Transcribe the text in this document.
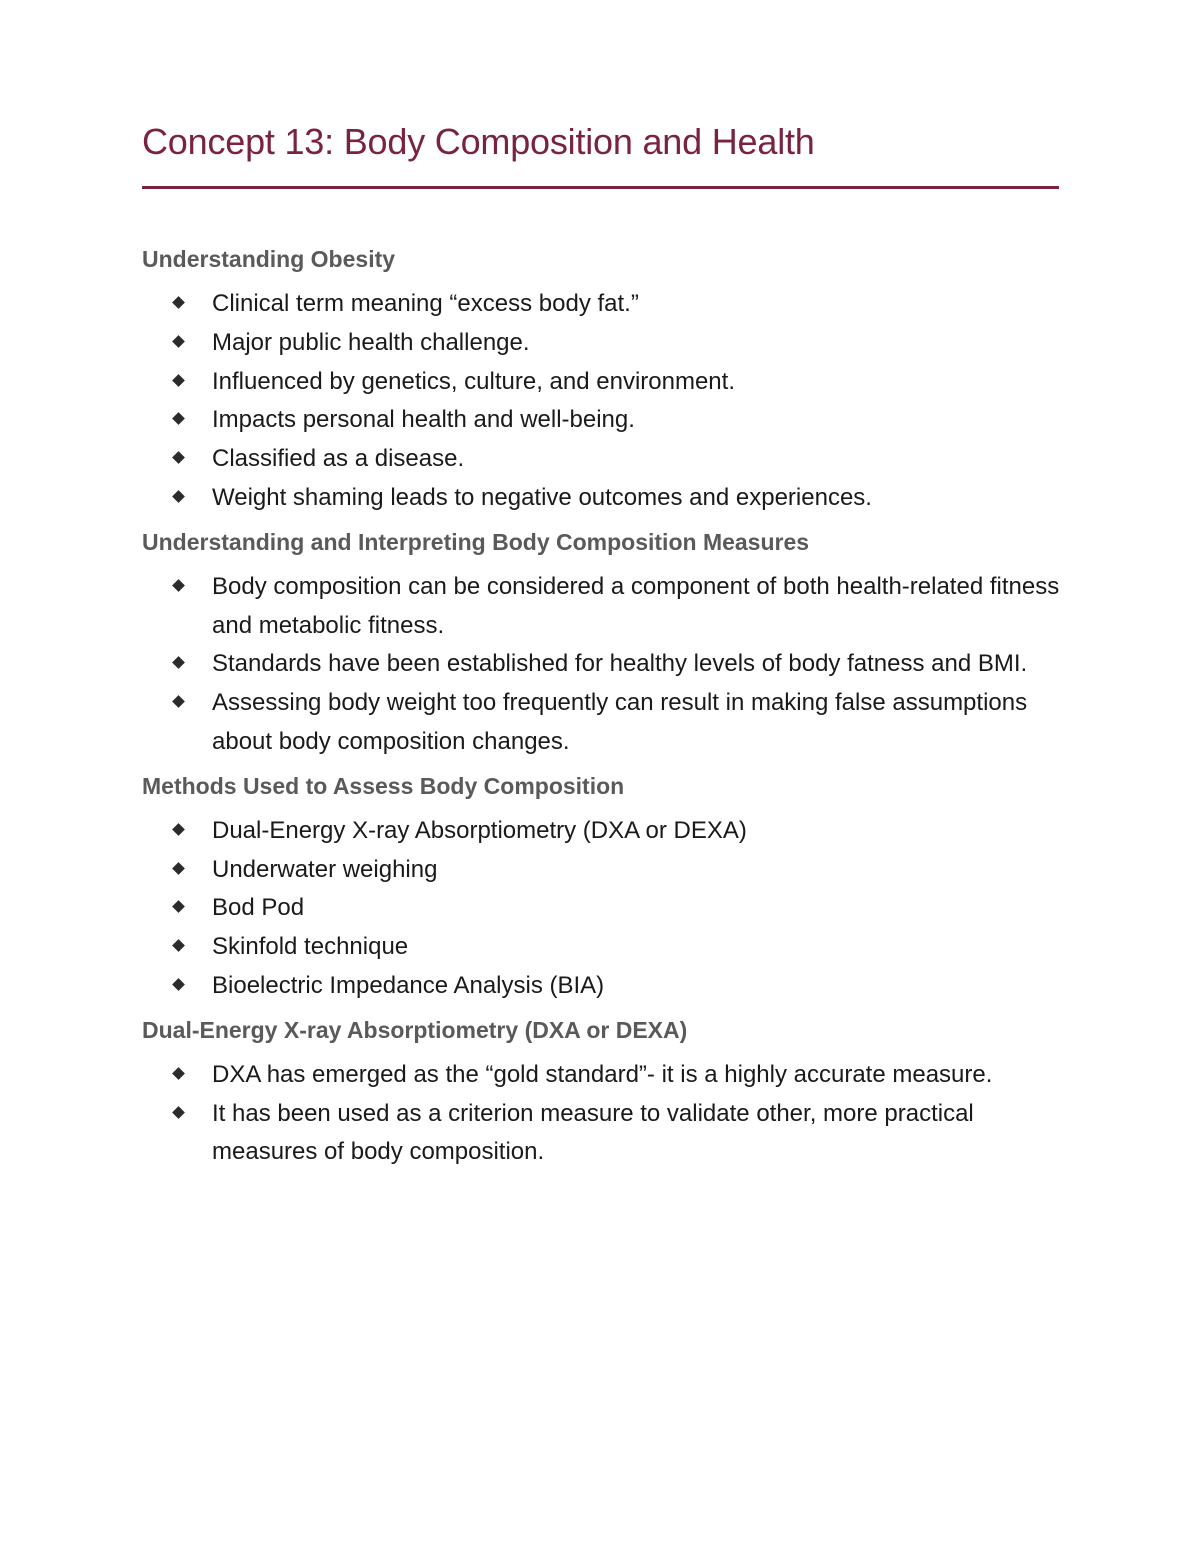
Concept 13: Body Composition and Health
Understanding Obesity
Clinical term meaning “excess body fat.”
Major public health challenge.
Influenced by genetics, culture, and environment.
Impacts personal health and well-being.
Classified as a disease.
Weight shaming leads to negative outcomes and experiences.
Understanding and Interpreting Body Composition Measures
Body composition can be considered a component of both health-related fitness and metabolic fitness.
Standards have been established for healthy levels of body fatness and BMI.
Assessing body weight too frequently can result in making false assumptions about body composition changes.
Methods Used to Assess Body Composition
Dual-Energy X-ray Absorptiometry (DXA or DEXA)
Underwater weighing
Bod Pod
Skinfold technique
Bioelectric Impedance Analysis (BIA)
Dual-Energy X-ray Absorptiometry (DXA or DEXA)
DXA has emerged as the “gold standard”- it is a highly accurate measure.
It has been used as a criterion measure to validate other, more practical measures of body composition.
